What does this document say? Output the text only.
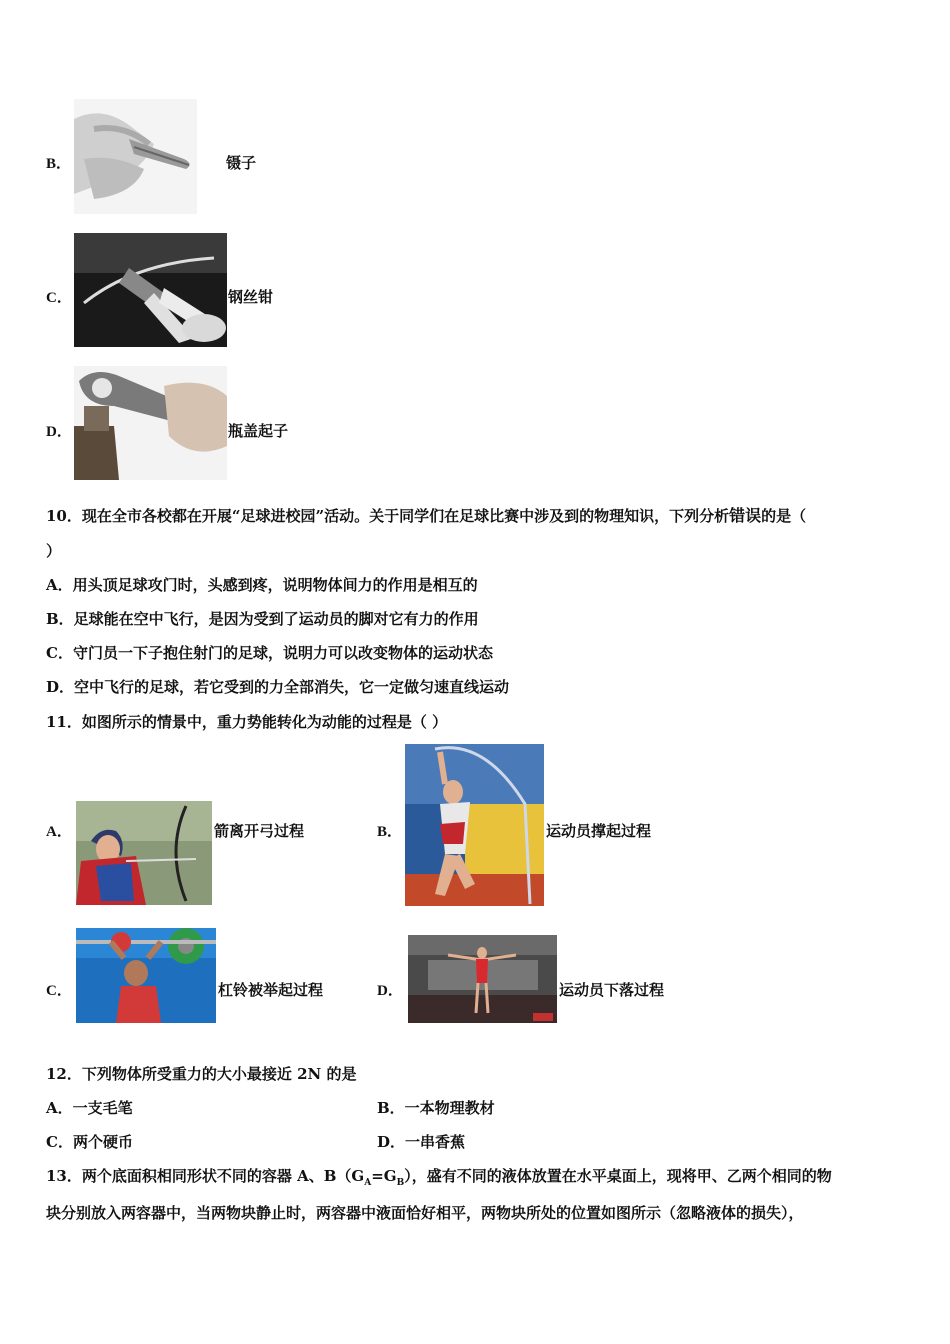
B．	镊子
C．	钢丝钳
D．	瓶盖起子
10．现在全市各校都在开展“足球进校园”活动。关于同学们在足球比赛中涉及到的物理知识，下列分析错误的是（
）
A．用头顶足球攻门时，头感到疼，说明物体间力的作用是相互的
B．足球能在空中飞行，是因为受到了运动员的脚对它有力的作用
C．守门员一下子抱住射门的足球，说明力可以改变物体的运动状态
D．空中飞行的足球，若它受到的力全部消失，它一定做匀速直线运动
11．如图所示的情景中，重力势能转化为动能的过程是（ ）
A．	箭离开弓过程	B．	运动员撑起过程
C．	杠铃被举起过程	D．	运动员下落过程
12．下列物体所受重力的大小最接近 2N 的是
A．一支毛笔	B．一本物理教材
C．两个硬币	D．一串香蕉
13．两个底面积相同形状不同的容器 A、$B(G_A=G_B)$，盛有不同的液体放置在水平桌面上，现将甲、乙两个相同的物
块分别放入两容器中，当两物块静止时，两容器中液面恰好相平，两物块所处的位置如图所示（忽略液体的损失），
